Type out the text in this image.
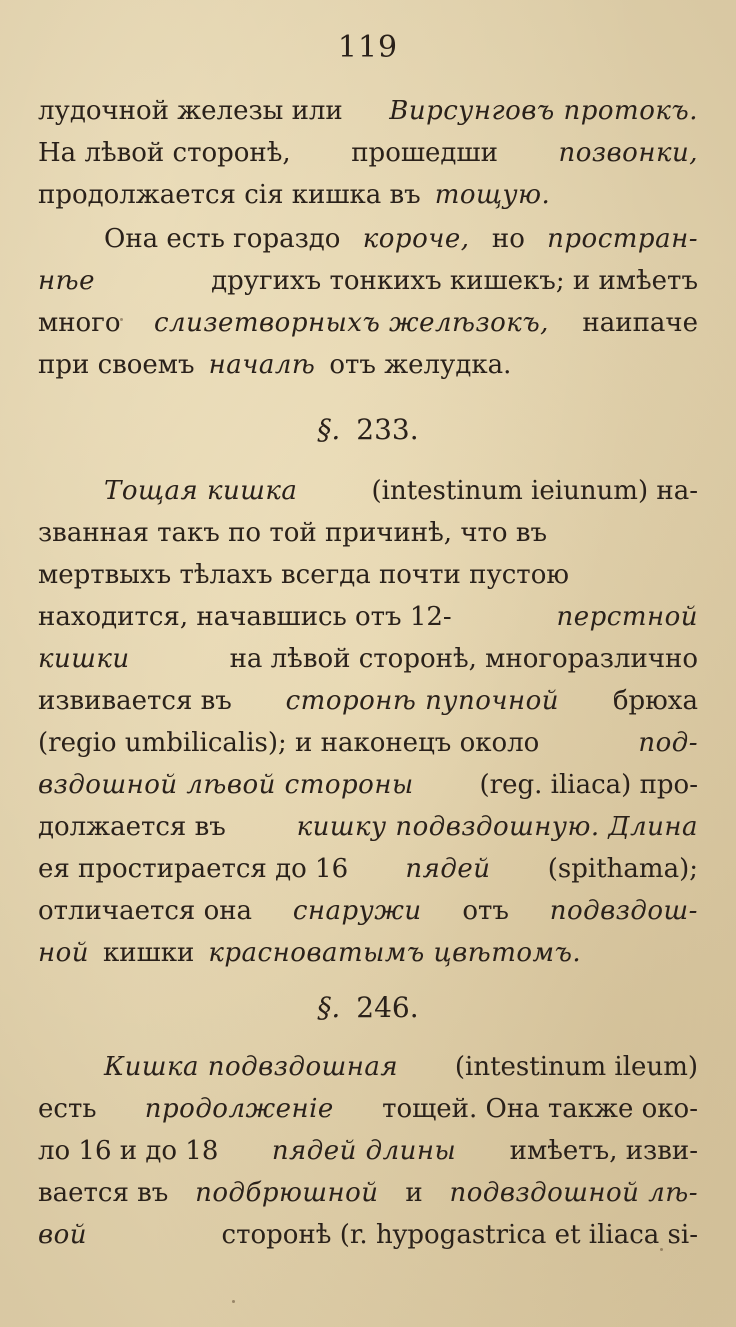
119
лудочной железы или Вирсунговъ протокъ.
На лѣвой сторонѣ, прошедши позвонки,
продолжается сія кишка въ тощую.
Она есть гораздо короче, но простран-
нѣе	другихъ тонкихъ кишекъ; и имѣетъ
много слизетворныхъ желѣзокъ, наипаче
при своемъ началѣ отъ желудка.
§. 233.
Тощая кишка	(intestinum ieiunum) на-
званная такъ по той причинѣ, что въ
мертвыхъ тѣлахъ всегда почти пустою
находится, начавшись отъ 12-	перстной
кишки	на лѣвой сторонѣ, многоразлично
извивается въ сторонѣ пупочной брюха
(regio umbilicalis); и наконецъ около	под-
вздошной лѣвой стороны	(reg. iliaca) про-
должается въ	кишку подвздошную. Длина
ея простирается до 16 пядей (spithama);
отличается она снаружи отъ подвздош-
ной кишки красноватымъ цвѣтомъ.
§. 246.
Кишка подвздошная (intestinum ileum)
есть продолженіе тощей. Она также око-
ло 16 и до 18 пядей длины имѣетъ, изви-
вается въ подбрюшной и подвздошной лѣ-
вой	сторонѣ (r. hypogastrica et iliaca si-
